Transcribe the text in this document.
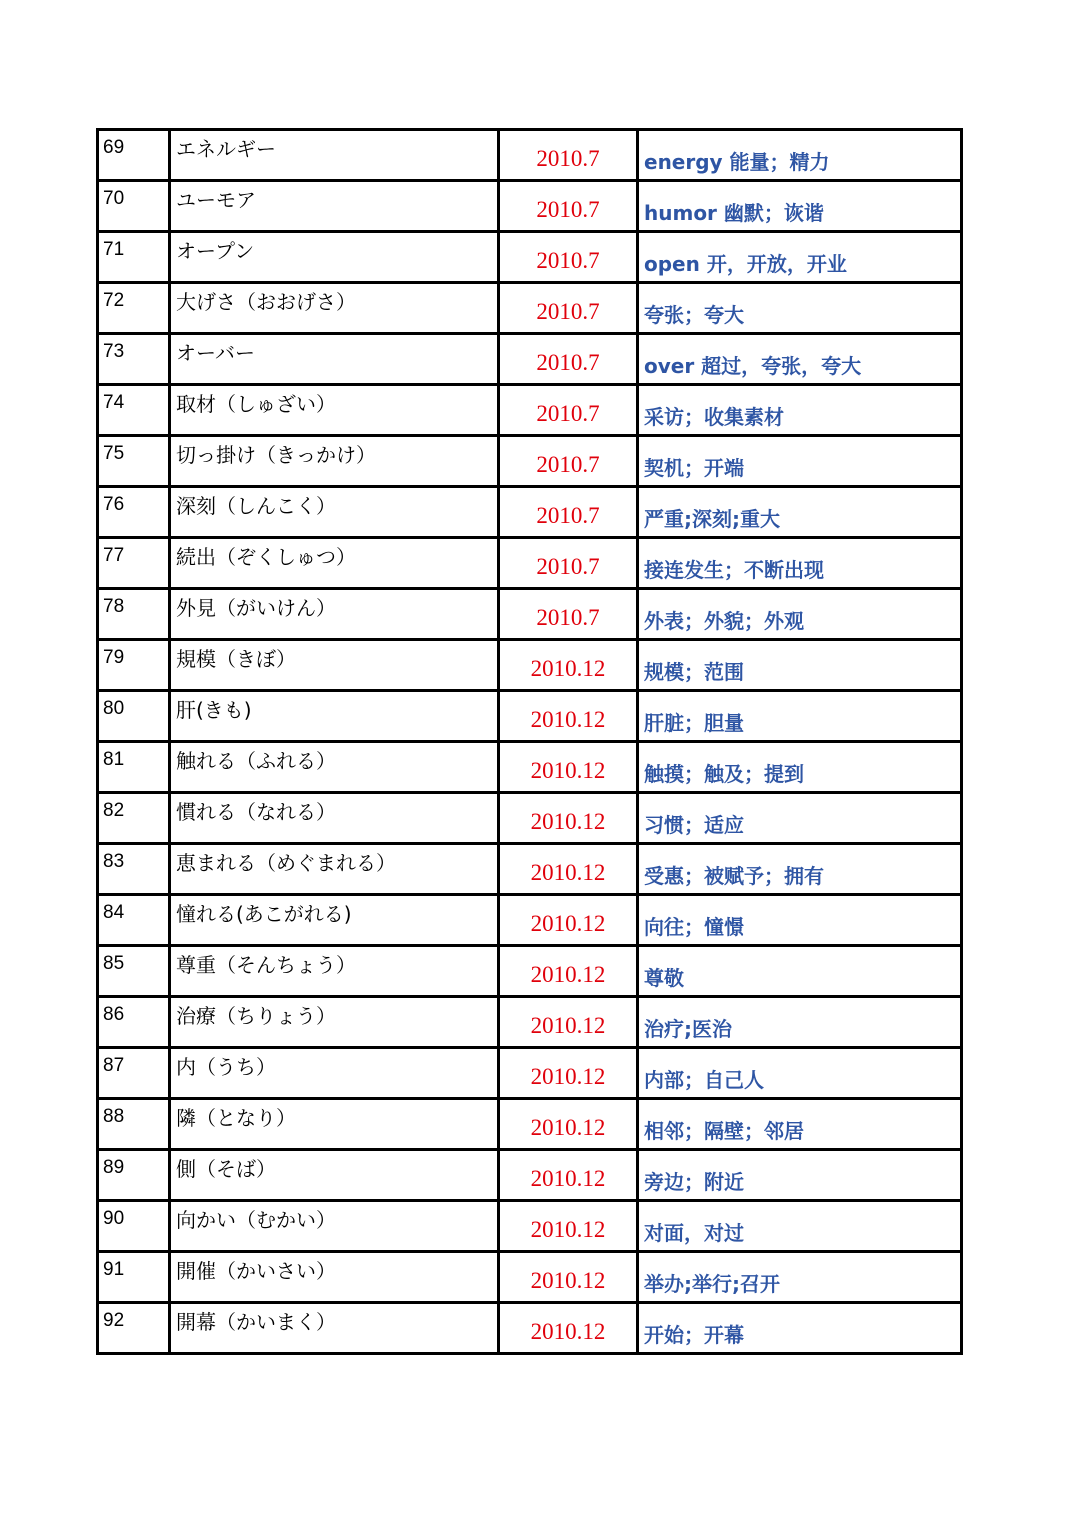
69	エネルギー	2010.7	energy 能量；精力
70	ユーモア	2010.7	humor 幽默；诙谐
71	オープン	2010.7	open 开，开放，开业
72	大げさ（おおげさ）	2010.7	夸张；夸大
73	オーバー	2010.7	over 超过，夸张，夸大
74	取材（しゅざい）	2010.7	采访；收集素材
75	切っ掛け（きっかけ）	2010.7	契机；开端
76	深刻（しんこく）	2010.7	严重;深刻;重大
77	続出（ぞくしゅつ）	2010.7	接连发生；不断出现
78	外見（がいけん）	2010.7	外表；外貌；外观
79	規模（きぼ）	2010.12	规模；范围
80	肝(きも)	2010.12	肝脏；胆量
81	触れる（ふれる）	2010.12	触摸；触及；提到
82	慣れる（なれる）	2010.12	习惯；适应
83	恵まれる（めぐまれる）	2010.12	受惠；被赋予；拥有
84	憧れる(あこがれる)	2010.12	向往；憧憬
85	尊重（そんちょう）	2010.12	尊敬
86	治療（ちりょう）	2010.12	治疗;医治
87	内（うち）	2010.12	内部；自己人
88	隣（となり）	2010.12	相邻；隔壁；邻居
89	側（そば）	2010.12	旁边；附近
90	向かい（むかい）	2010.12	对面，对过
91	開催（かいさい）	2010.12	举办;举行;召开
92	開幕（かいまく）	2010.12	开始；开幕
